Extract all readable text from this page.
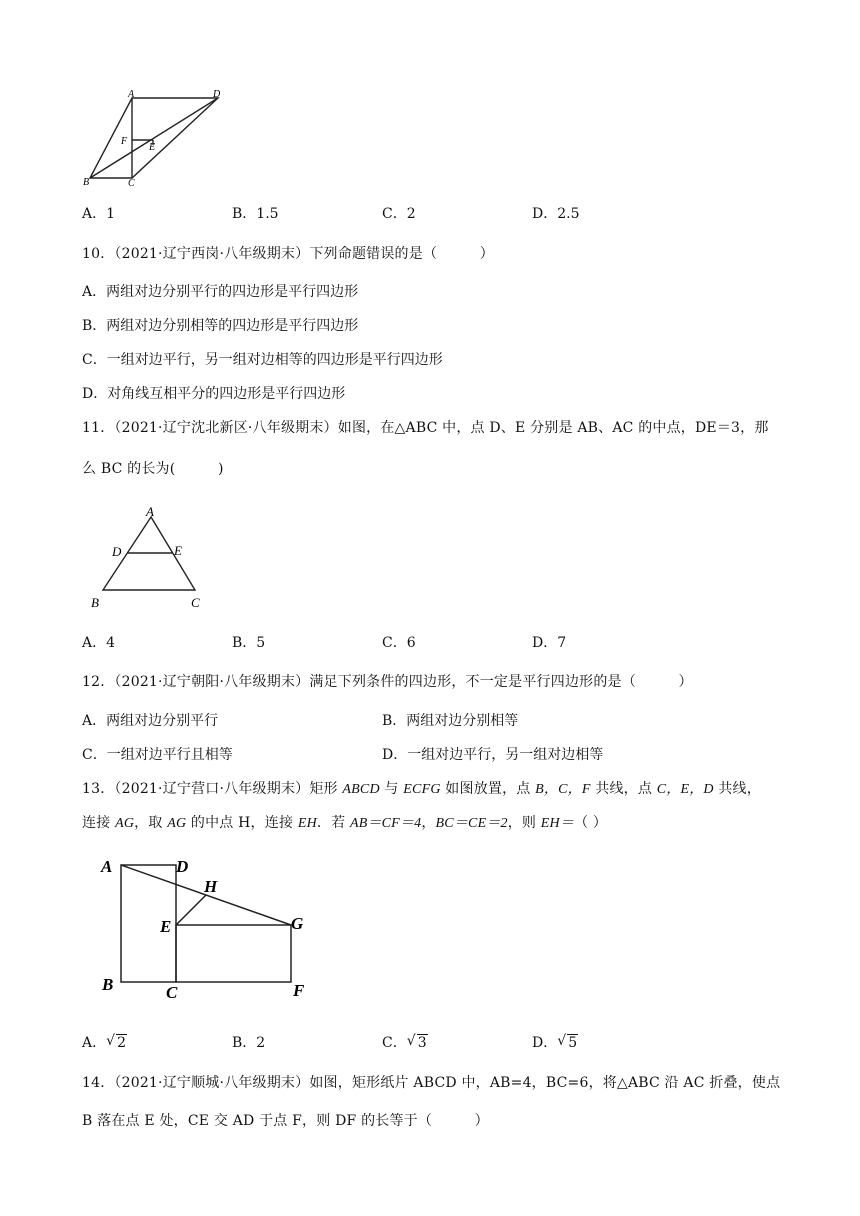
A	D
F
E
B	C
A．1	B．1.5	C．2	D．2.5
10．（2021·辽宁西岗·八年级期末）下列命题错误的是（　　　）
A．两组对边分别平行的四边形是平行四边形
B．两组对边分别相等的四边形是平行四边形
C．一组对边平行，另一组对边相等的四边形是平行四边形
D．对角线互相平分的四边形是平行四边形
11．（2021·辽宁沈北新区·八年级期末）如图，在△ABC 中，点 D、E 分别是 AB、AC 的中点，DE＝3，那
么 BC 的长为(　　　)
A
D	E
B	C
A．4	B．5	C．6	D．7
12．（2021·辽宁朝阳·八年级期末）满足下列条件的四边形，不一定是平行四边形的是（　　　）
A．两组对边分别平行	B．两组对边分别相等
C．一组对边平行且相等	D．一组对边平行，另一组对边相等
13．（2021·辽宁营口·八年级期末）矩形 ABCD 与 ECFG 如图放置，点 B，C，F 共线，点 C，E，D 共线，
连接 AG，取 AG 的中点 H，连接 EH．若 AB＝CF＝4，BC＝CE＝2，则 EH＝（ ）
A	D
H
E	G
B	C	F
A． √ 2	B．2	C． √ 3	D． √ 5
14．（2021·辽宁顺城·八年级期末）如图，矩形纸片 ABCD 中，AB=4，BC=6，将△ABC 沿 AC 折叠，使点
B 落在点 E 处，CE 交 AD 于点 F，则 DF 的长等于（　　　）
